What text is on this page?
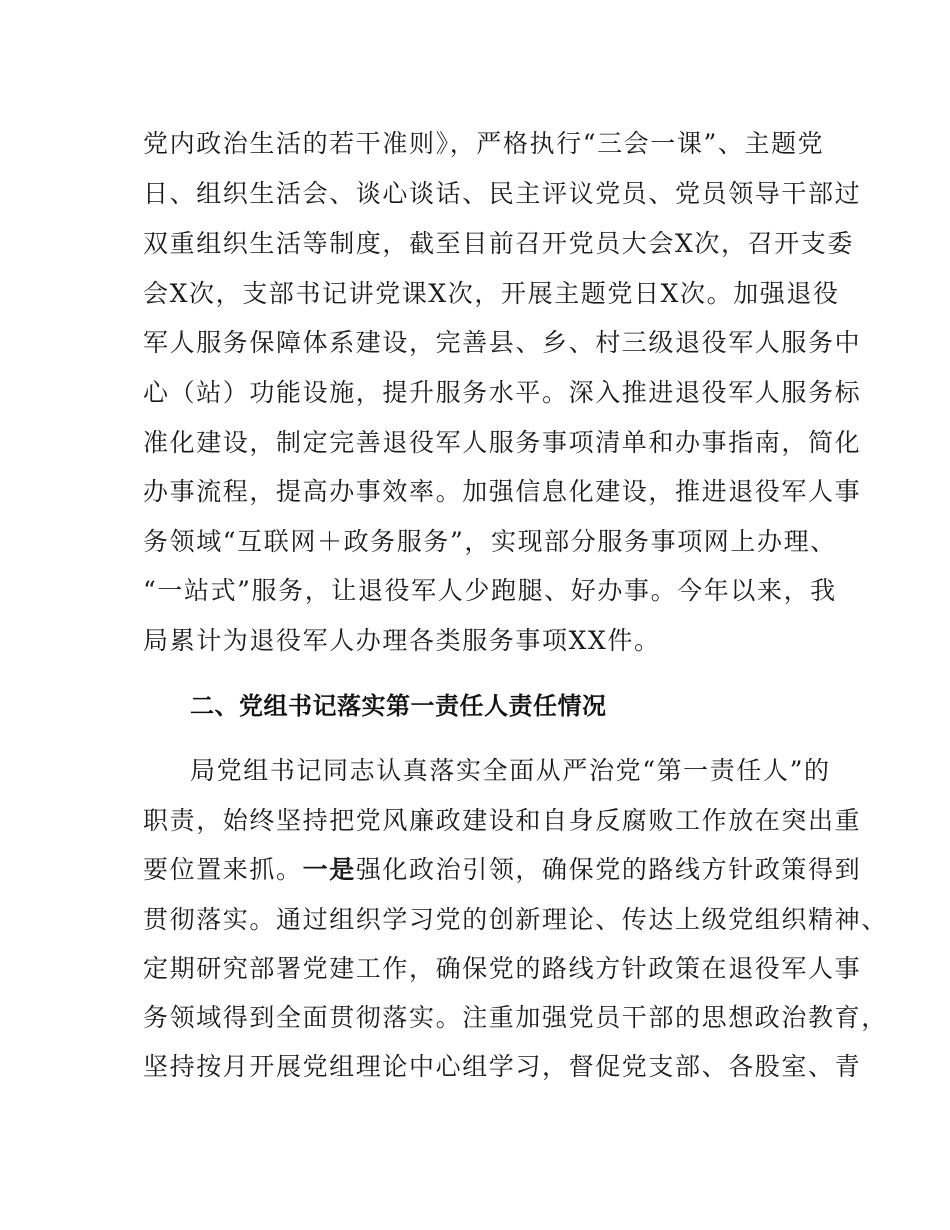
党内政治生活的若干准则》，严格执行“三会一课”、主题党
日、组织生活会、谈心谈话、民主评议党员、党员领导干部过
双重组织生活等制度，截至目前召开党员大会X次，召开支委
会X次，支部书记讲党课X次，开展主题党日X次。加强退役
军人服务保障体系建设，完善县、乡、村三级退役军人服务中
心（站）功能设施，提升服务水平。深入推进退役军人服务标
准化建设，制定完善退役军人服务事项清单和办事指南，简化
办事流程，提高办事效率。加强信息化建设，推进退役军人事
务领域“互联网＋政务服务”，实现部分服务事项网上办理、
“一站式”服务，让退役军人少跑腿、好办事。今年以来，我
局累计为退役军人办理各类服务事项XX件。
二、党组书记落实第一责任人责任情况
局党组书记同志认真落实全面从严治党“第一责任人”的
职责，始终坚持把党风廉政建设和自身反腐败工作放在突出重
要位置来抓。一是强化政治引领，确保党的路线方针政策得到
贯彻落实。通过组织学习党的创新理论、传达上级党组织精神、
定期研究部署党建工作，确保党的路线方针政策在退役军人事
务领域得到全面贯彻落实。注重加强党员干部的思想政治教育，
坚持按月开展党组理论中心组学习，督促党支部、各股室、青
